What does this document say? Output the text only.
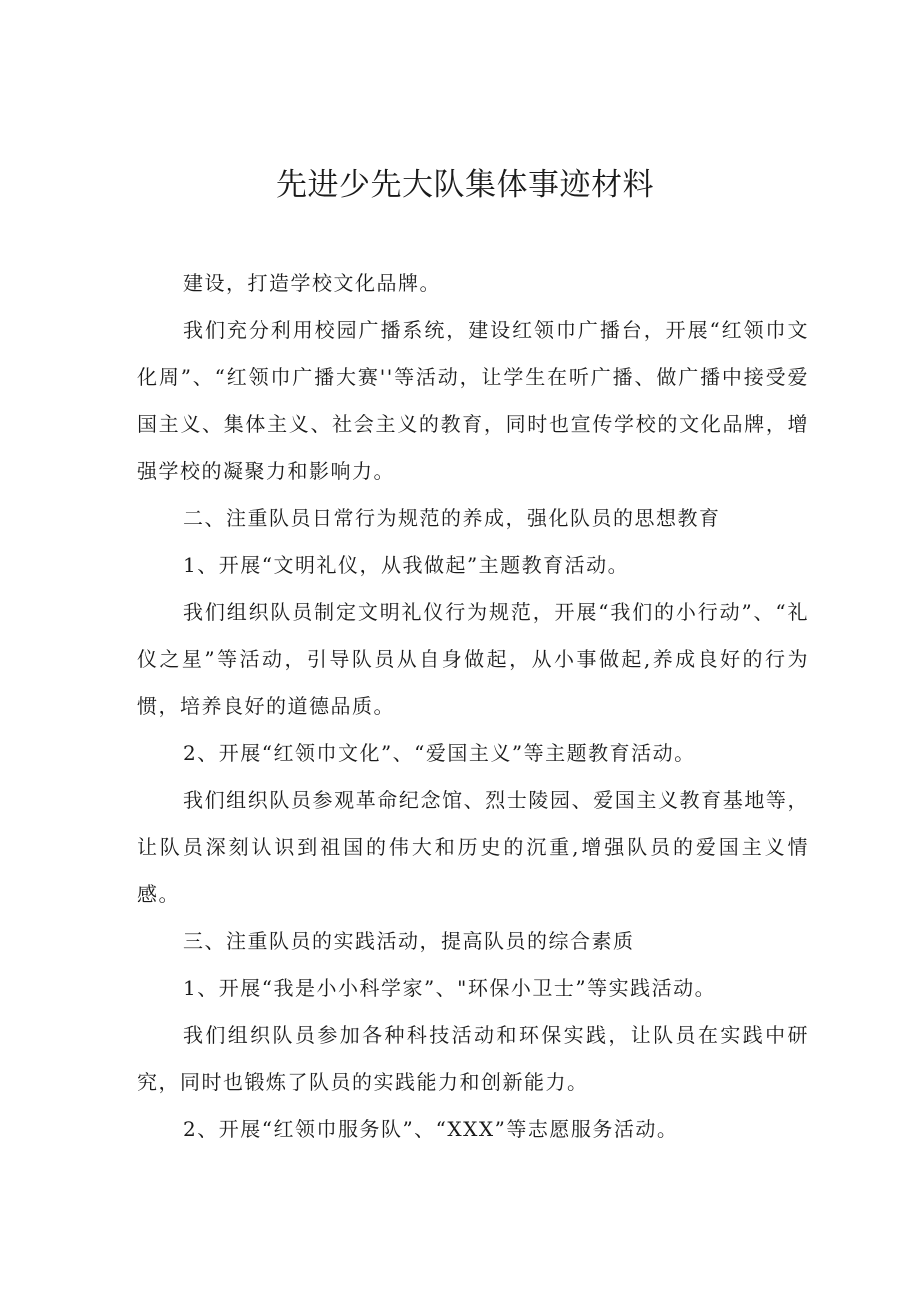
先进少先大队集体事迹材料

建设，打造学校文化品牌。

我们充分利用校园广播系统，建设红领巾广播台，开展“红领巾文化周”、“红领巾广播大赛''等活动，让学生在听广播、做广播中接受爱国主义、集体主义、社会主义的教育，同时也宣传学校的文化品牌，增强学校的凝聚力和影响力。

二、注重队员日常行为规范的养成，强化队员的思想教育

1、开展“文明礼仪，从我做起”主题教育活动。

我们组织队员制定文明礼仪行为规范，开展“我们的小行动”、“礼仪之星”等活动，引导队员从自身做起，从小事做起,养成良好的行为惯，培养良好的道德品质。

2、开展“红领巾文化”、“爱国主义”等主题教育活动。

我们组织队员参观革命纪念馆、烈士陵园、爱国主义教育基地等，让队员深刻认识到祖国的伟大和历史的沉重,增强队员的爱国主义情感。

三、注重队员的实践活动，提高队员的综合素质

1、开展“我是小小科学家”、"环保小卫士”等实践活动。

我们组织队员参加各种科技活动和环保实践，让队员在实践中研究，同时也锻炼了队员的实践能力和创新能力。

2、开展“红领巾服务队”、“XXX”等志愿服务活动。
